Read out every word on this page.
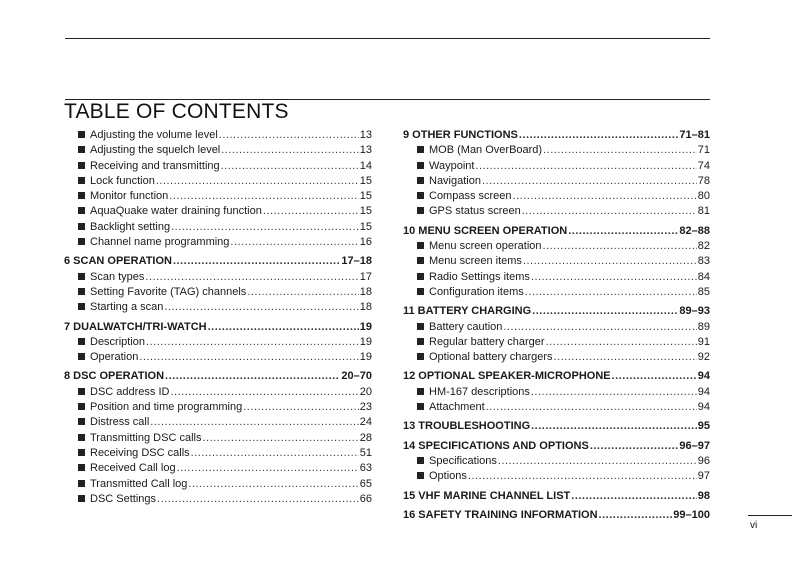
TABLE OF CONTENTS
Adjusting the volume level .....	13
Adjusting the squelch level .....	13
Receiving and transmitting .....	14
Lock function .....	15
Monitor function .....	15
AquaQuake water draining function .....	15
Backlight setting .....	15
Channel name programming .....	16
6 SCAN OPERATION .....	17–18
Scan types .....	17
Setting Favorite (TAG) channels .....	18
Starting a scan .....	18
7 DUALWATCH/TRI-WATCH .....	19
Description .....	19
Operation .....	19
8 DSC OPERATION .....	20–70
DSC address ID .....	20
Position and time programming .....	23
Distress call .....	24
Transmitting DSC calls .....	28
Receiving DSC calls .....	51
Received Call log .....	63
Transmitted Call log .....	65
DSC Settings .....	66
9 OTHER FUNCTIONS .....	71–81
MOB (Man OverBoard) .....	71
Waypoint .....	74
Navigation .....	78
Compass screen .....	80
GPS status screen .....	81
10 MENU SCREEN OPERATION .....	82–88
Menu screen operation .....	82
Menu screen items .....	83
Radio Settings items .....	84
Configuration items .....	85
11 BATTERY CHARGING .....	89–93
Battery caution .....	89
Regular battery charger .....	91
Optional battery chargers .....	92
12 OPTIONAL SPEAKER-MICROPHONE .....	94
HM-167 descriptions .....	94
Attachment .....	94
13 TROUBLESHOOTING .....	95
14 SPECIFICATIONS AND OPTIONS .....	96–97
Specifications .....	96
Options .....	97
15 VHF MARINE CHANNEL LIST .....	98
16 SAFETY TRAINING INFORMATION .....	99–100
vi
